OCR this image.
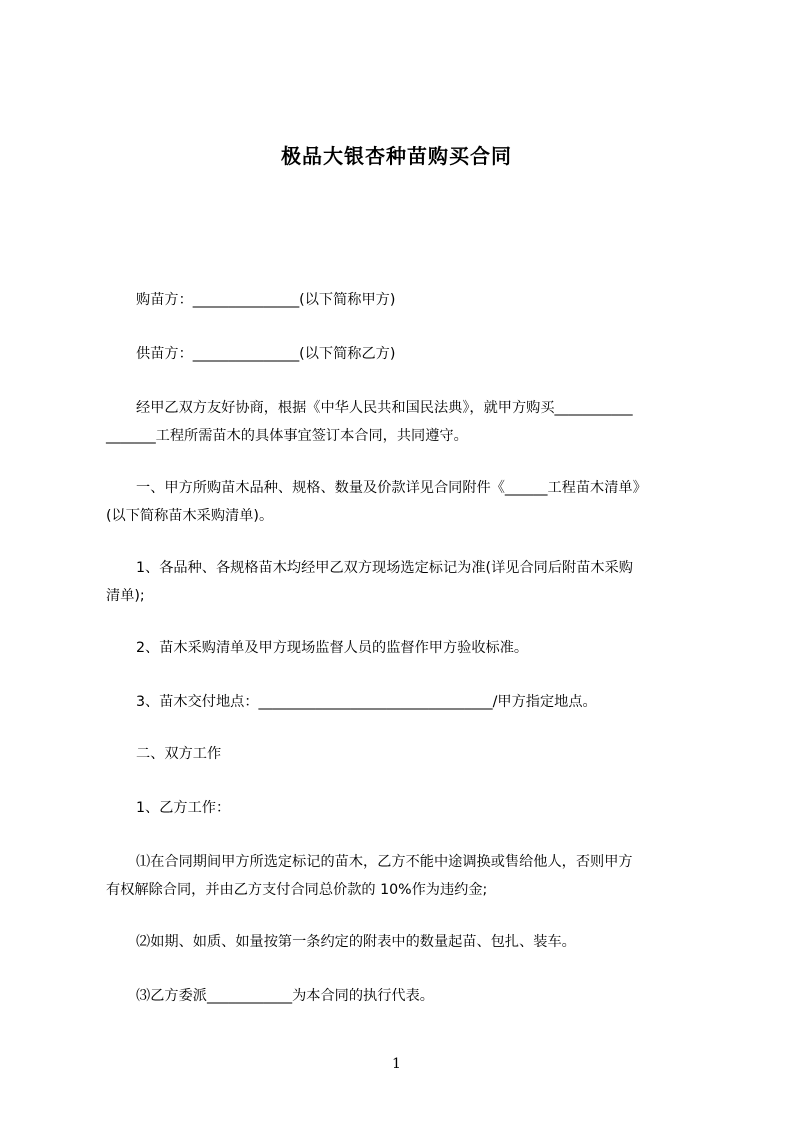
极品大银杏种苗购买合同
购苗方：_______________(以下简称甲方)
供苗方：_______________(以下简称乙方)
经甲乙双方友好协商，根据《中华人民共和国民法典》，就甲方购买___________
_______工程所需苗木的具体事宜签订本合同，共同遵守。
一、甲方所购苗木品种、规格、数量及价款详见合同附件《______工程苗木清单》
(以下简称苗木采购清单)。
1、各品种、各规格苗木均经甲乙双方现场选定标记为准(详见合同后附苗木采购
清单);
2、苗木采购清单及甲方现场监督人员的监督作甲方验收标准。
3、苗木交付地点：_________________________________/甲方指定地点。
二、双方工作
1、乙方工作：
⑴在合同期间甲方所选定标记的苗木，乙方不能中途调换或售给他人，否则甲方
有权解除合同，并由乙方支付合同总价款的 10%作为违约金;
⑵如期、如质、如量按第一条约定的附表中的数量起苗、包扎、装车。
⑶乙方委派____________为本合同的执行代表。
1
